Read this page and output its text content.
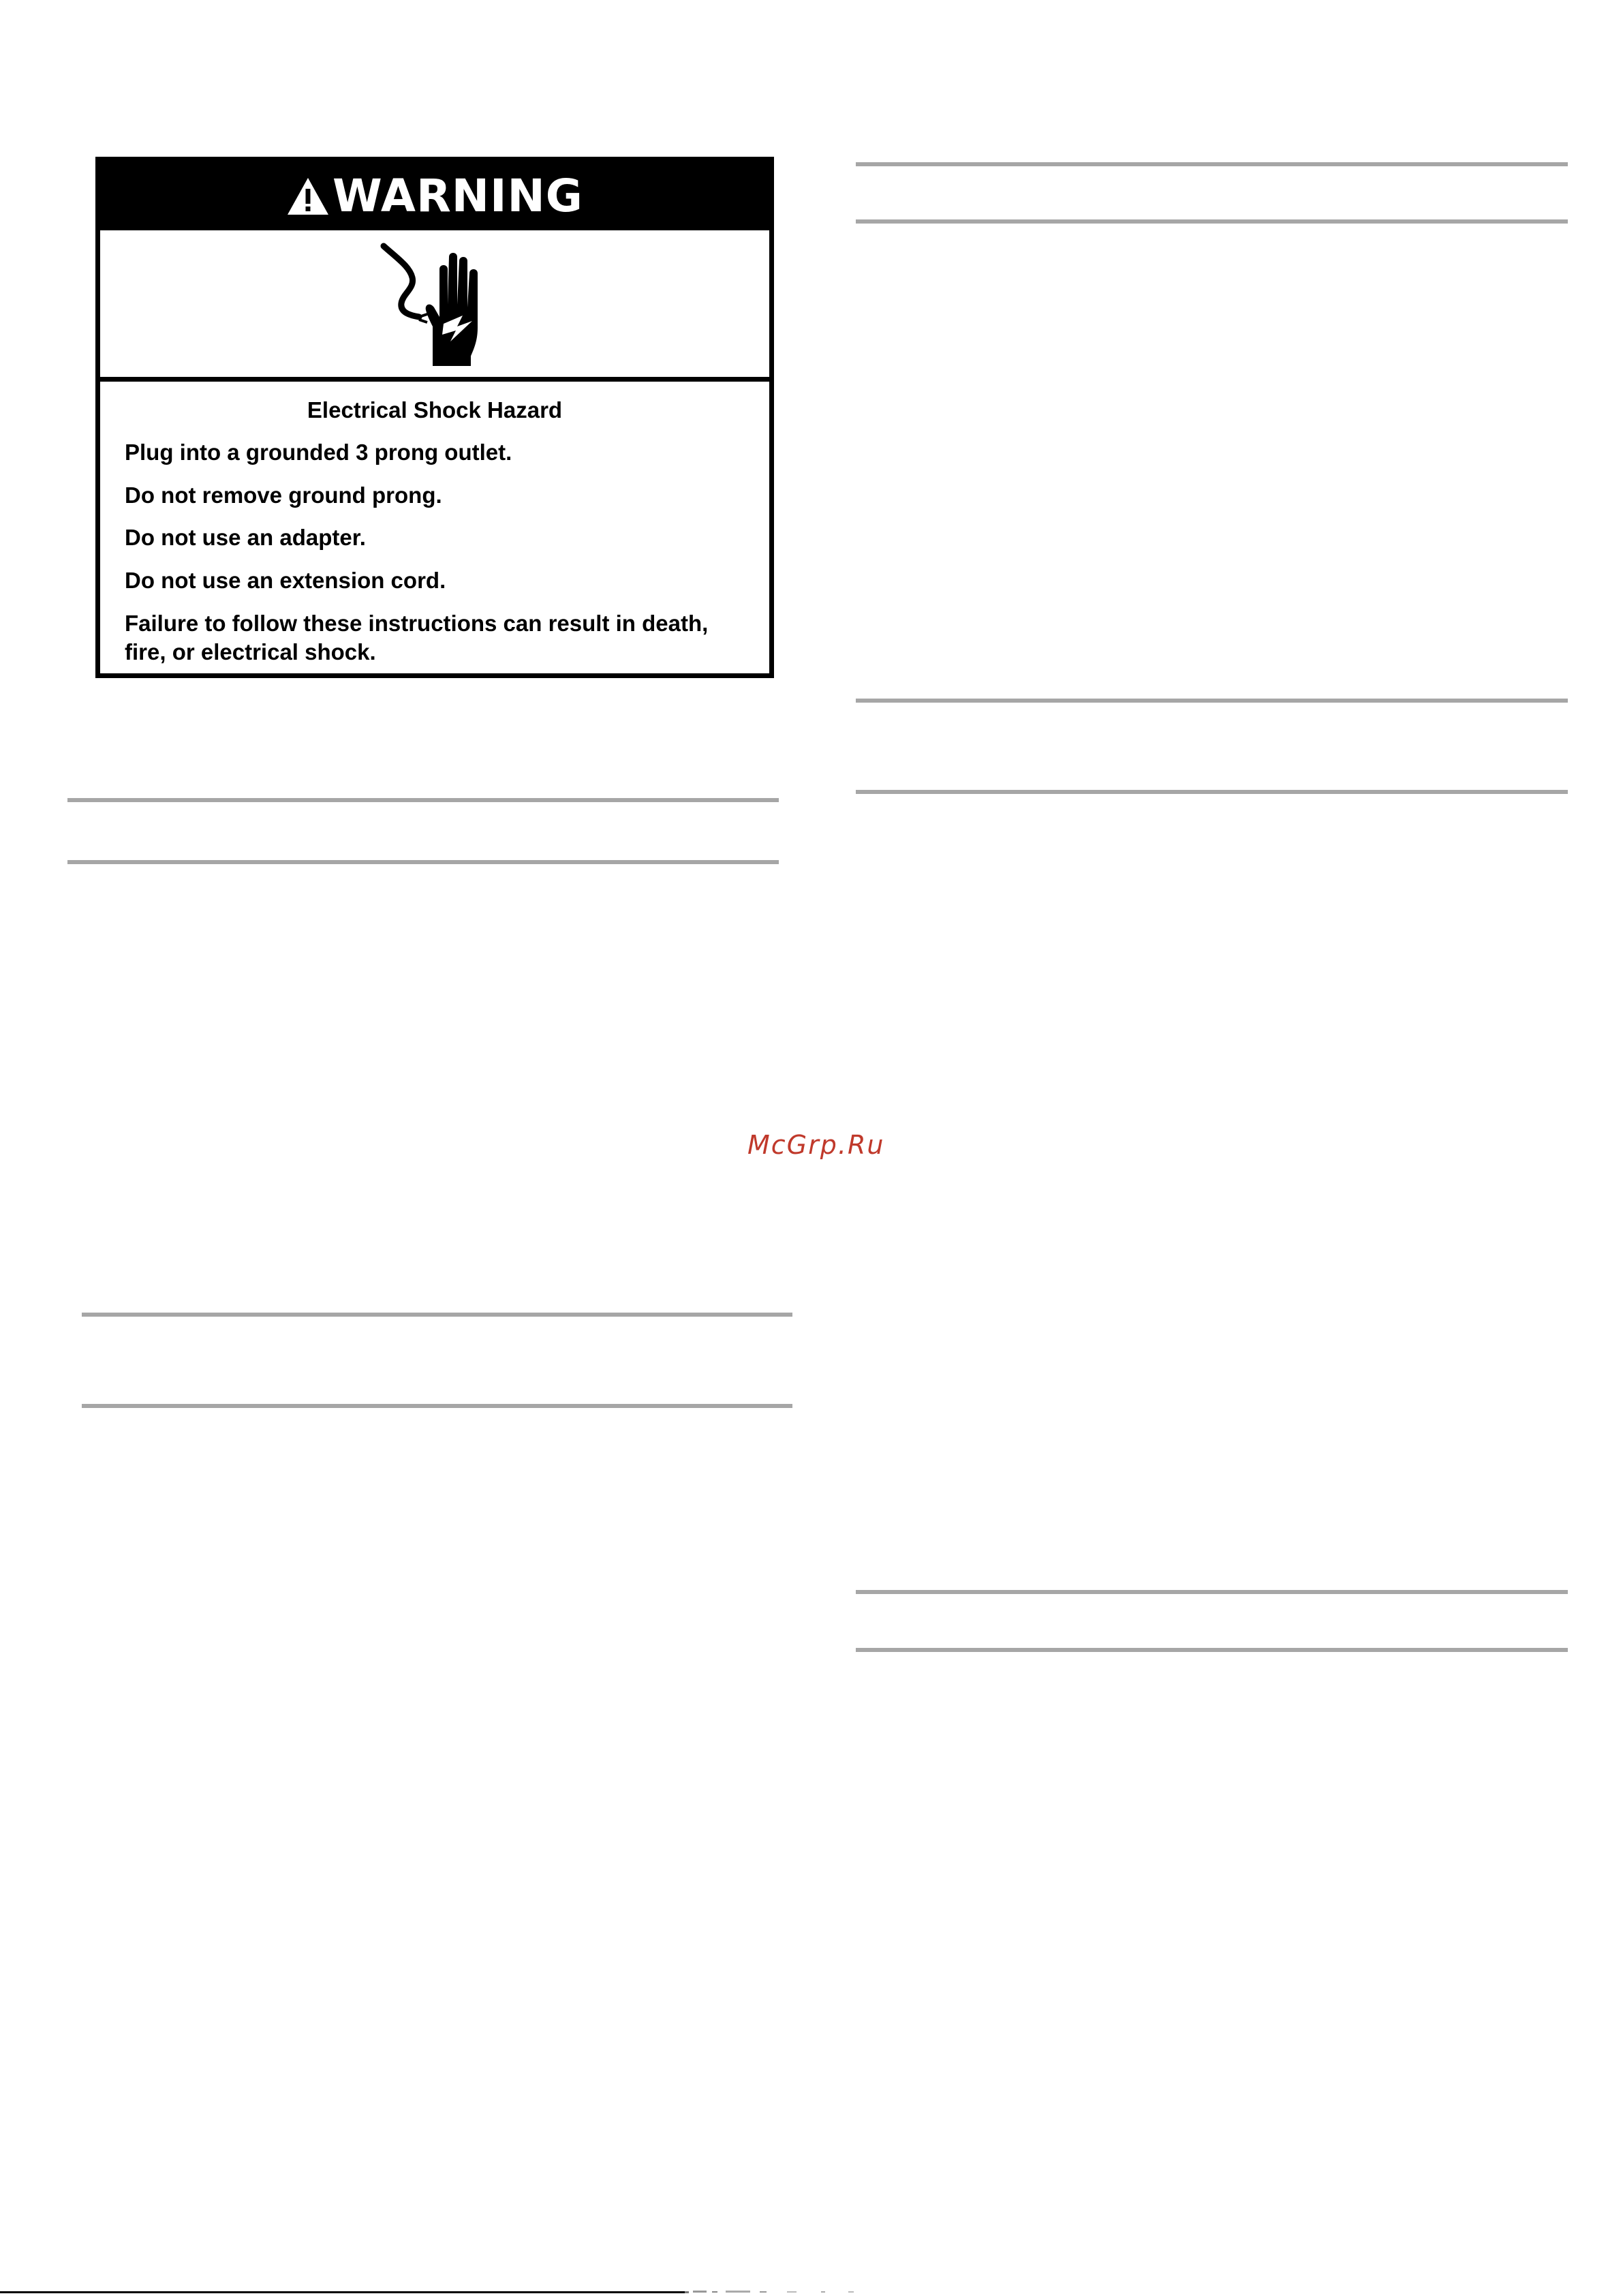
WARNING
Electrical Shock Hazard
Plug into a grounded 3 prong outlet.
Do not remove ground prong.
Do not use an adapter.
Do not use an extension cord.
Failure to follow these instructions can result in death, fire, or electrical shock.
McGrp.Ru
